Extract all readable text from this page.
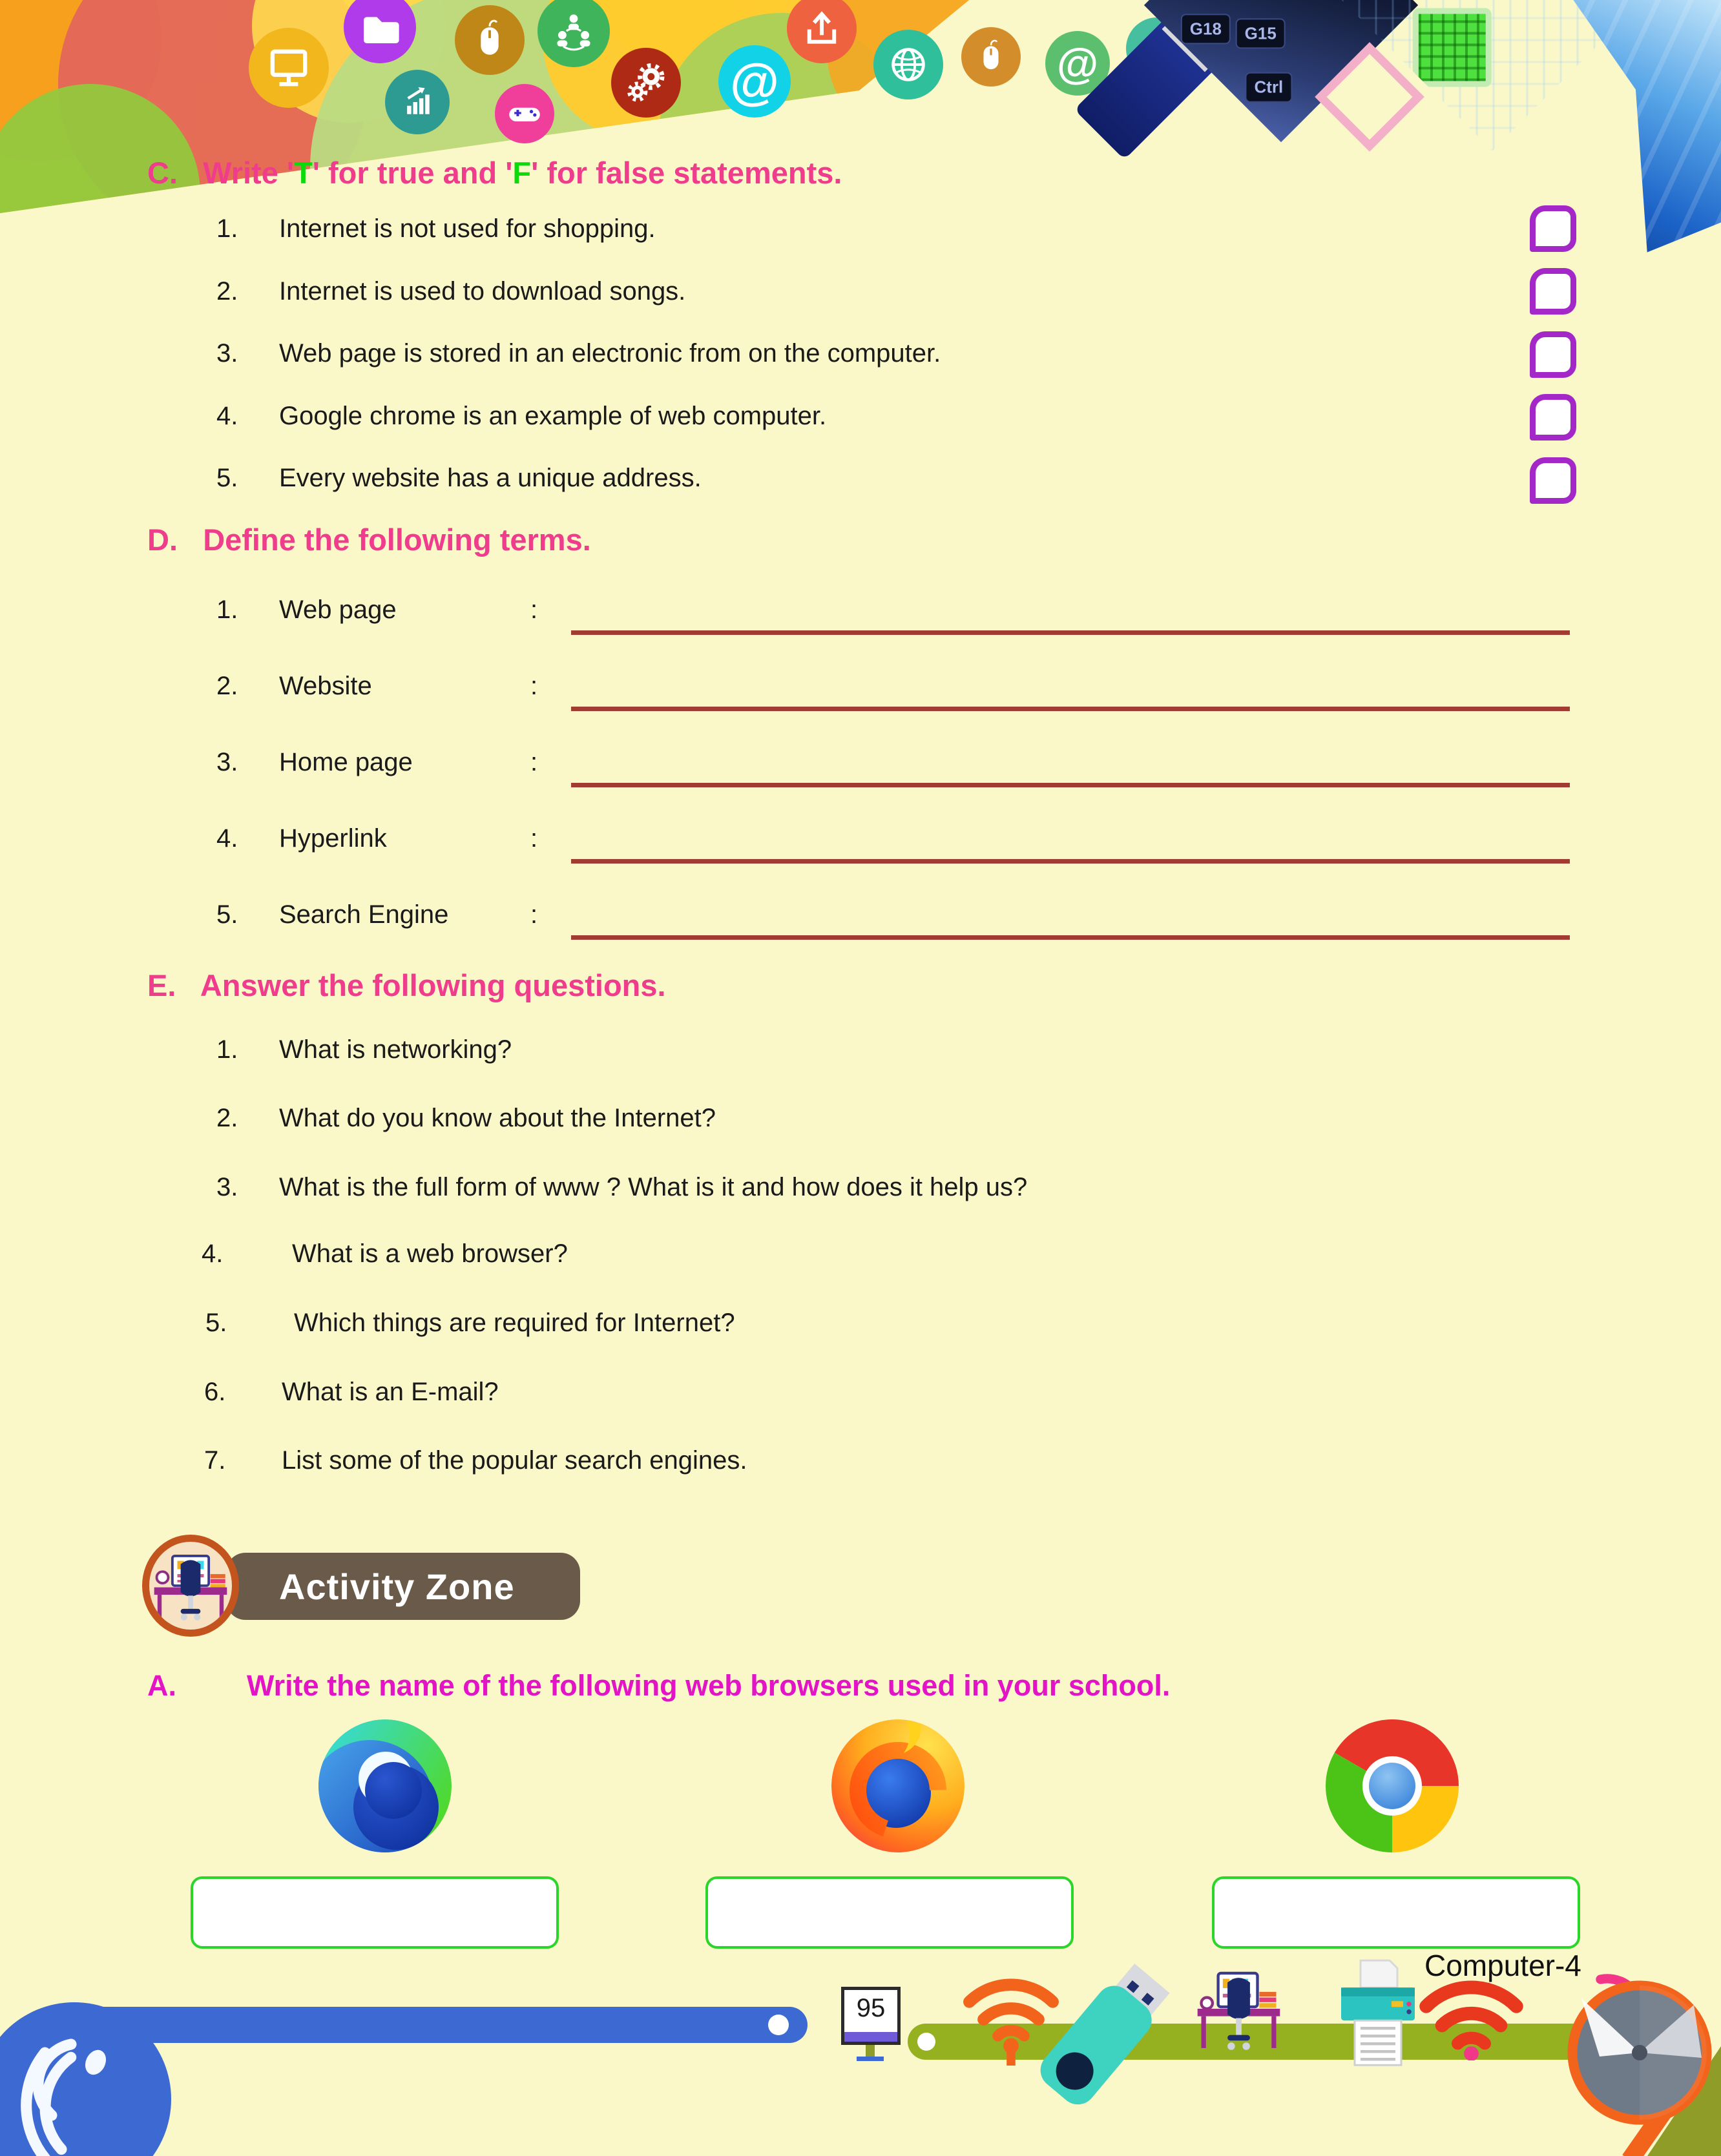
@	@
G15
G18
Ctrl
C. Write 'T' for true and 'F' for false statements.
1. Internet is not used for shopping.
2. Internet is used to download songs.
3. Web page is stored in an electronic from on the computer.
4. Google chrome is an example of web computer.
5. Every website has a unique address.
D. Define the following terms.
1. Web page	:
2. Website	:
3. Home page	:
4. Hyperlink	:
5. Search Engine	:
E. Answer the following questions.
1. What is networking?
2. What do you know about the Internet?
3. What is the full form of www ? What is it and how does it help us?
4.	What is a web browser?
5.	Which things are required for Internet?
6. What is an E-mail?
7. List some of the popular search engines.
Activity Zone
A. Write the name of the following web browsers used in your school.
Computer-4
95
